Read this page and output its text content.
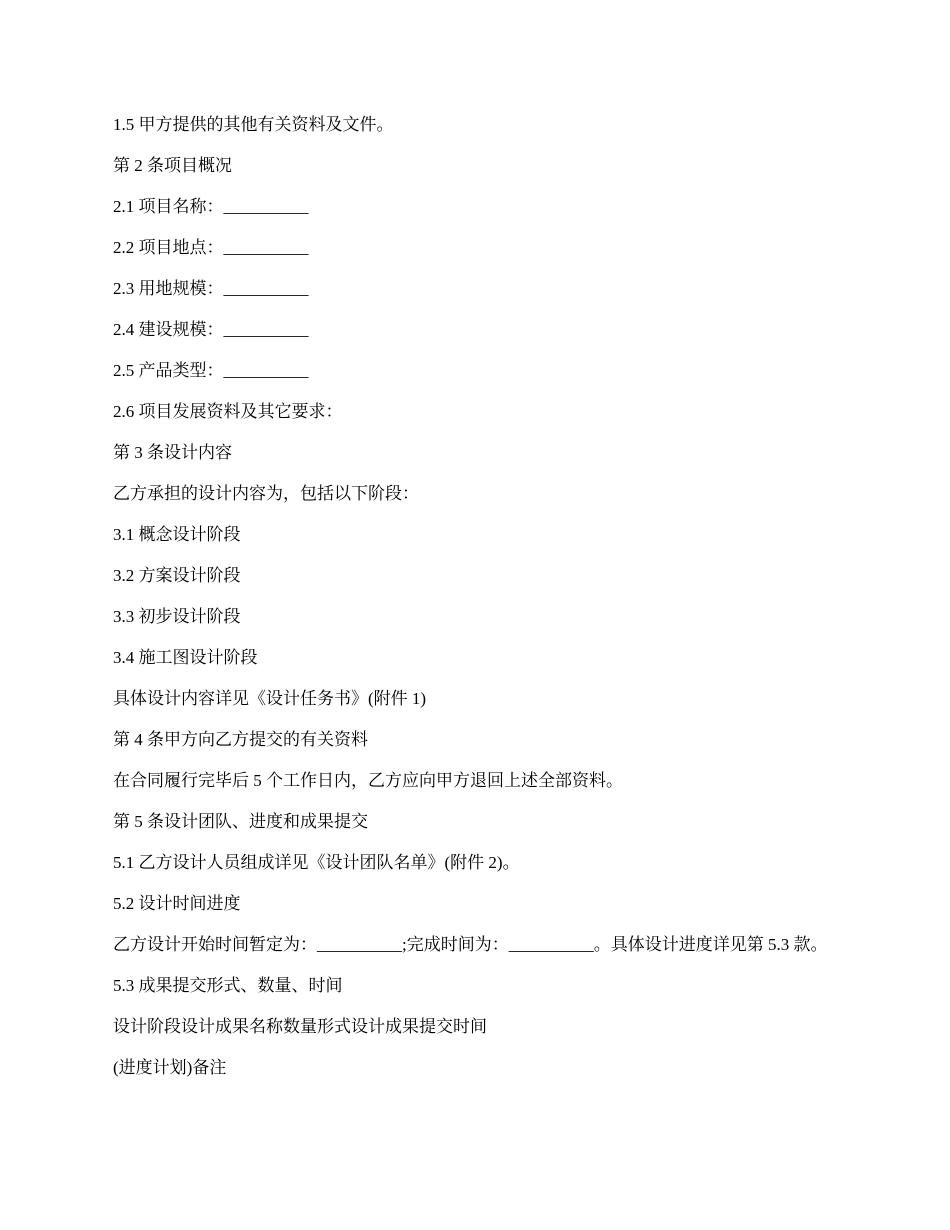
1.5 甲方提供的其他有关资料及文件。

第 2 条项目概况

2.1 项目名称：__________

2.2 项目地点：__________

2.3 用地规模：__________

2.4 建设规模：__________

2.5 产品类型：__________

2.6 项目发展资料及其它要求：

第 3 条设计内容

乙方承担的设计内容为，包括以下阶段：

3.1 概念设计阶段

3.2 方案设计阶段

3.3 初步设计阶段

3.4 施工图设计阶段

具体设计内容详见《设计任务书》(附件 1)

第 4 条甲方向乙方提交的有关资料

在合同履行完毕后 5 个工作日内，乙方应向甲方退回上述全部资料。

第 5 条设计团队、进度和成果提交

5.1 乙方设计人员组成详见《设计团队名单》(附件 2)。

5.2 设计时间进度

乙方设计开始时间暂定为：__________;完成时间为：__________。具体设计进度详见第 5.3 款。

5.3 成果提交形式、数量、时间

设计阶段设计成果名称数量形式设计成果提交时间

(进度计划)备注
